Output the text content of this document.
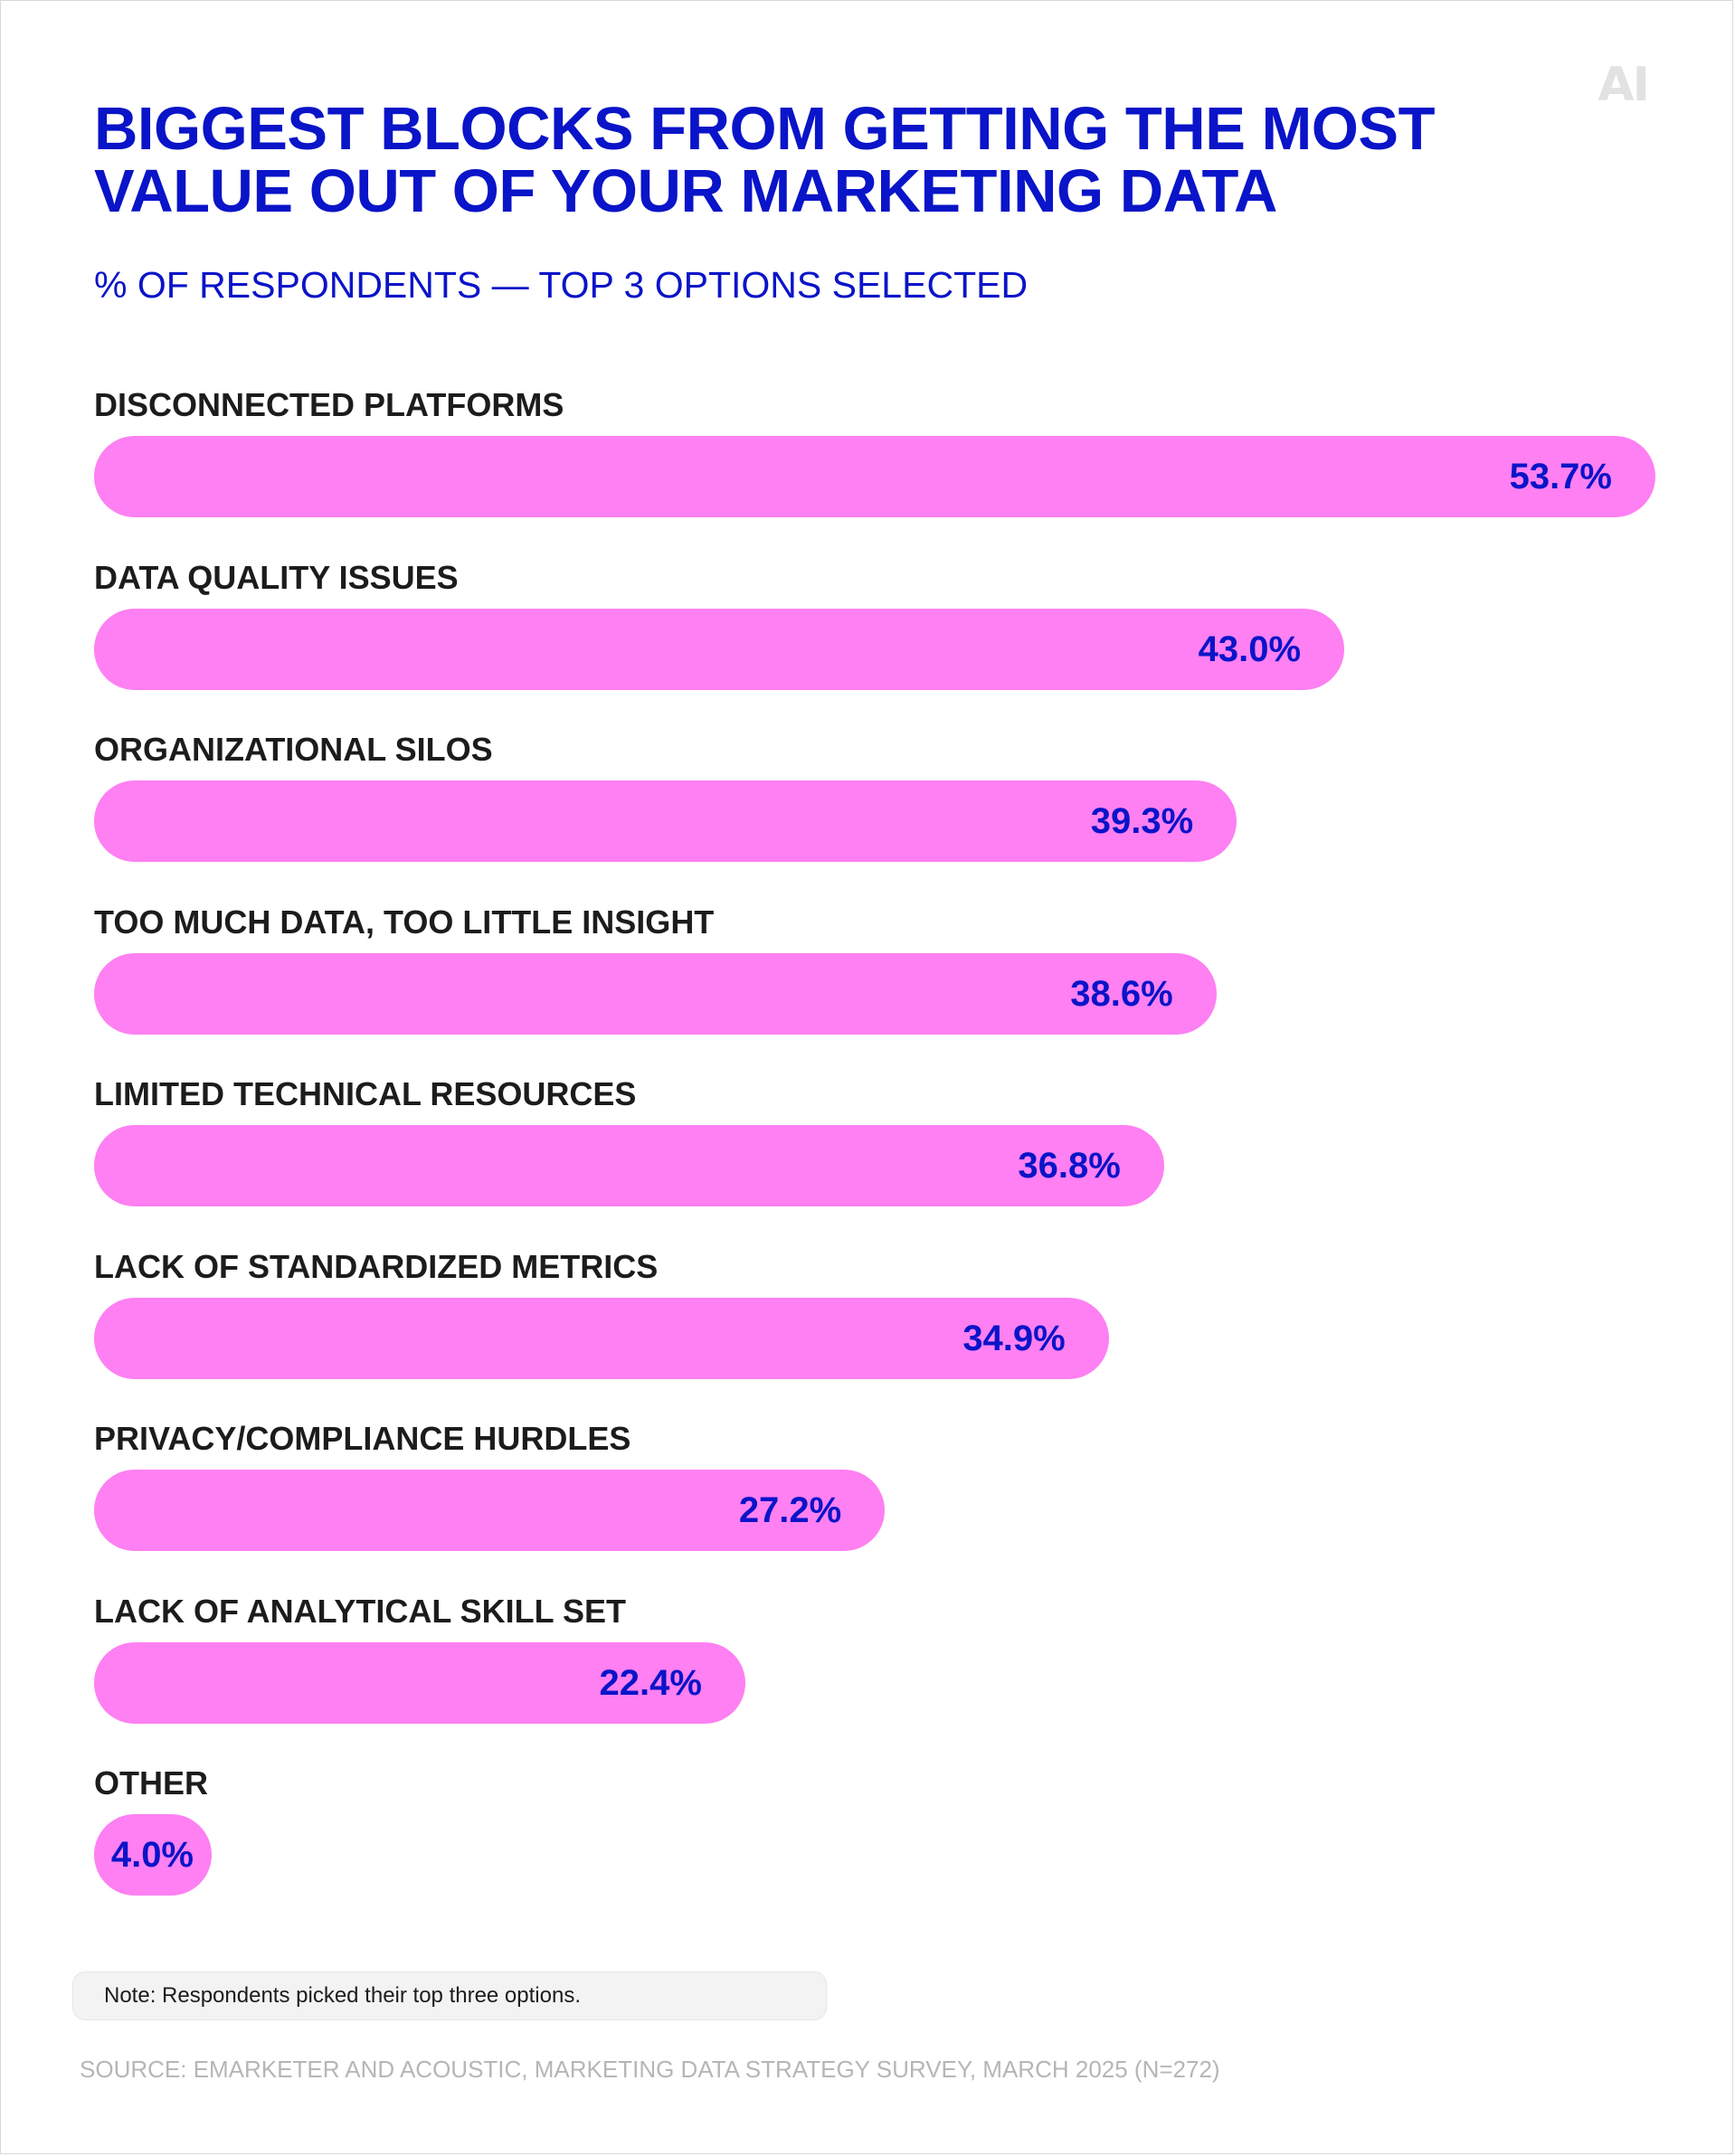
AI
BIGGEST BLOCKS FROM GETTING THE MOST
VALUE OUT OF YOUR MARKETING DATA

% OF RESPONDENTS — TOP 3 OPTIONS SELECTED

DISCONNECTED PLATFORMS
53.7%
DATA QUALITY ISSUES
43.0%
ORGANIZATIONAL SILOS
39.3%
TOO MUCH DATA, TOO LITTLE INSIGHT
38.6%
LIMITED TECHNICAL RESOURCES
36.8%
LACK OF STANDARDIZED METRICS
34.9%
PRIVACY/COMPLIANCE HURDLES
27.2%
LACK OF ANALYTICAL SKILL SET
22.4%
OTHER
4.0%
Note: Respondents picked their top three options.
SOURCE: EMARKETER AND ACOUSTIC, MARKETING DATA STRATEGY SURVEY, MARCH 2025 (N=272)
